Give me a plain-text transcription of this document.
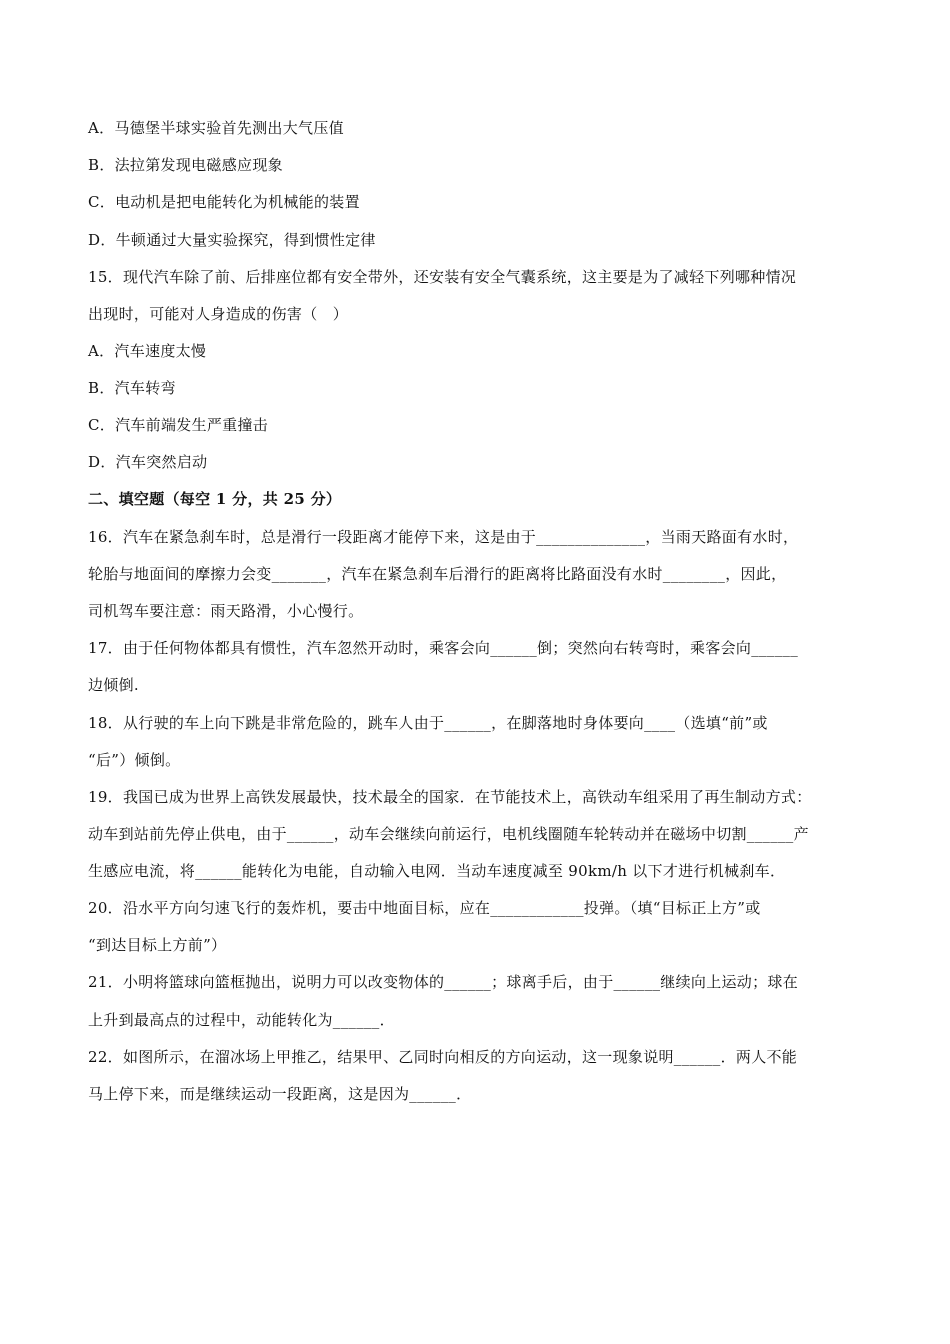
A．马德堡半球实验首先测出大气压值
B．法拉第发现电磁感应现象
C．电动机是把电能转化为机械能的装置
D．牛顿通过大量实验探究，得到惯性定律
15．现代汽车除了前、后排座位都有安全带外，还安装有安全气囊系统，这主要是为了减轻下列哪种情况
出现时，可能对人身造成的伤害（　）
A．汽车速度太慢
B．汽车转弯
C．汽车前端发生严重撞击
D．汽车突然启动
二、填空题（每空 1 分，共 25 分）
16．汽车在紧急刹车时，总是滑行一段距离才能停下来，这是由于______________，当雨天路面有水时，
轮胎与地面间的摩擦力会变_______，汽车在紧急刹车后滑行的距离将比路面没有水时________，因此，
司机驾车要注意：雨天路滑，小心慢行。
17．由于任何物体都具有惯性，汽车忽然开动时，乘客会向______倒；突然向右转弯时，乘客会向______
边倾倒.
18．从行驶的车上向下跳是非常危险的，跳车人由于______，在脚落地时身体要向____（选填“前”或
“后”）倾倒。
19．我国已成为世界上高铁发展最快，技术最全的国家．在节能技术上，高铁动车组采用了再生制动方式：
动车到站前先停止供电，由于______，动车会继续向前运行，电机线圈随车轮转动并在磁场中切割______产
生感应电流，将______能转化为电能，自动输入电网．当动车速度减至 90km/h 以下才进行机械刹车．
20．沿水平方向匀速飞行的轰炸机，要击中地面目标，应在____________投弹。（填“目标正上方”或
“到达目标上方前”）
21．小明将篮球向篮框抛出，说明力可以改变物体的______；球离手后，由于______继续向上运动；球在
上升到最高点的过程中，动能转化为______．
22．如图所示，在溜冰场上甲推乙，结果甲、乙同时向相反的方向运动，这一现象说明______．两人不能
马上停下来，而是继续运动一段距离，这是因为______．
